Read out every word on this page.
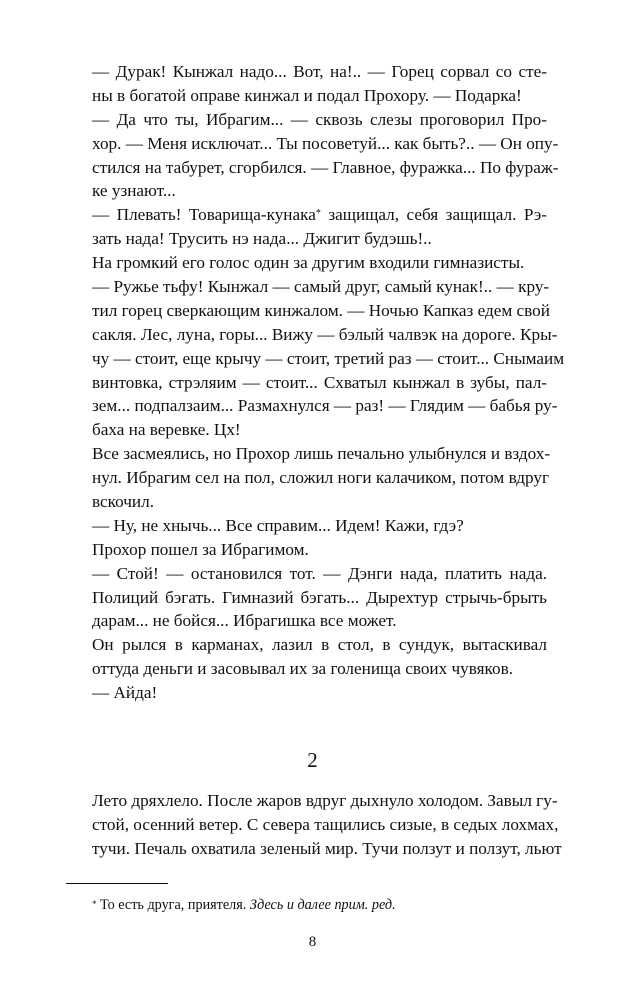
— Дурак! Кынжал надо... Вот, на!.. — Горец сорвал со сте-
ны в богатой оправе кинжал и подал Прохору. — Подарка!
— Да что ты, Ибрагим... — сквозь слезы проговорил Про-
хор. — Меня исключат... Ты посоветуй... как быть?.. — Он опу-
стился на табурет, сгорбился. — Главное, фуражка... По фураж-
ке узнают...
— Плевать! Товарища-кунака* защищал, себя защищал. Рэ-
зать нада! Трусить нэ нада... Джигит будэшь!..
На громкий его голос один за другим входили гимназисты.
— Ружье тьфу! Кынжал — самый друг, самый кунак!.. — кру-
тил горец сверкающим кинжалом. — Ночью Капказ едем свой
сакля. Лес, луна, горы... Вижу — бэлый чалвэк на дороге. Кры-
чу — стоит, еще крычу — стоит, третий раз — стоит... Снымаим
винтовка, стрэляим — стоит... Схватыл кынжал в зубы, пал-
зем... подпалзаим... Размахнулся — раз! — Глядим — бабья ру-
баха на веревке. Цх!
Все засмеялись, но Прохор лишь печально улыбнулся и вздох-
нул. Ибрагим сел на пол, сложил ноги калачиком, потом вдруг
вскочил.
— Ну, не хнычь... Все справим... Идем! Кажи, гдэ?
Прохор пошел за Ибрагимом.
— Стой! — остановился тот. — Дэнги нада, платить нада.
Полиций бэгать. Гимназий бэгать... Дырехтур стрычь-брыть
дарам... не бойся... Ибрагишка все может.
Он рылся в карманах, лазил в стол, в сундук, вытаскивал
оттуда деньги и засовывал их за голенища своих чувяков.
— Айда!
2
Лето дряхлело. После жаров вдруг дыхнуло холодом. Завыл гу-
стой, осенний ветер. С севера тащились сизые, в седых лохмах,
тучи. Печаль охватила зеленый мир. Тучи ползут и ползут, льют
* То есть друга, приятеля. Здесь и далее прим. ред.
8
